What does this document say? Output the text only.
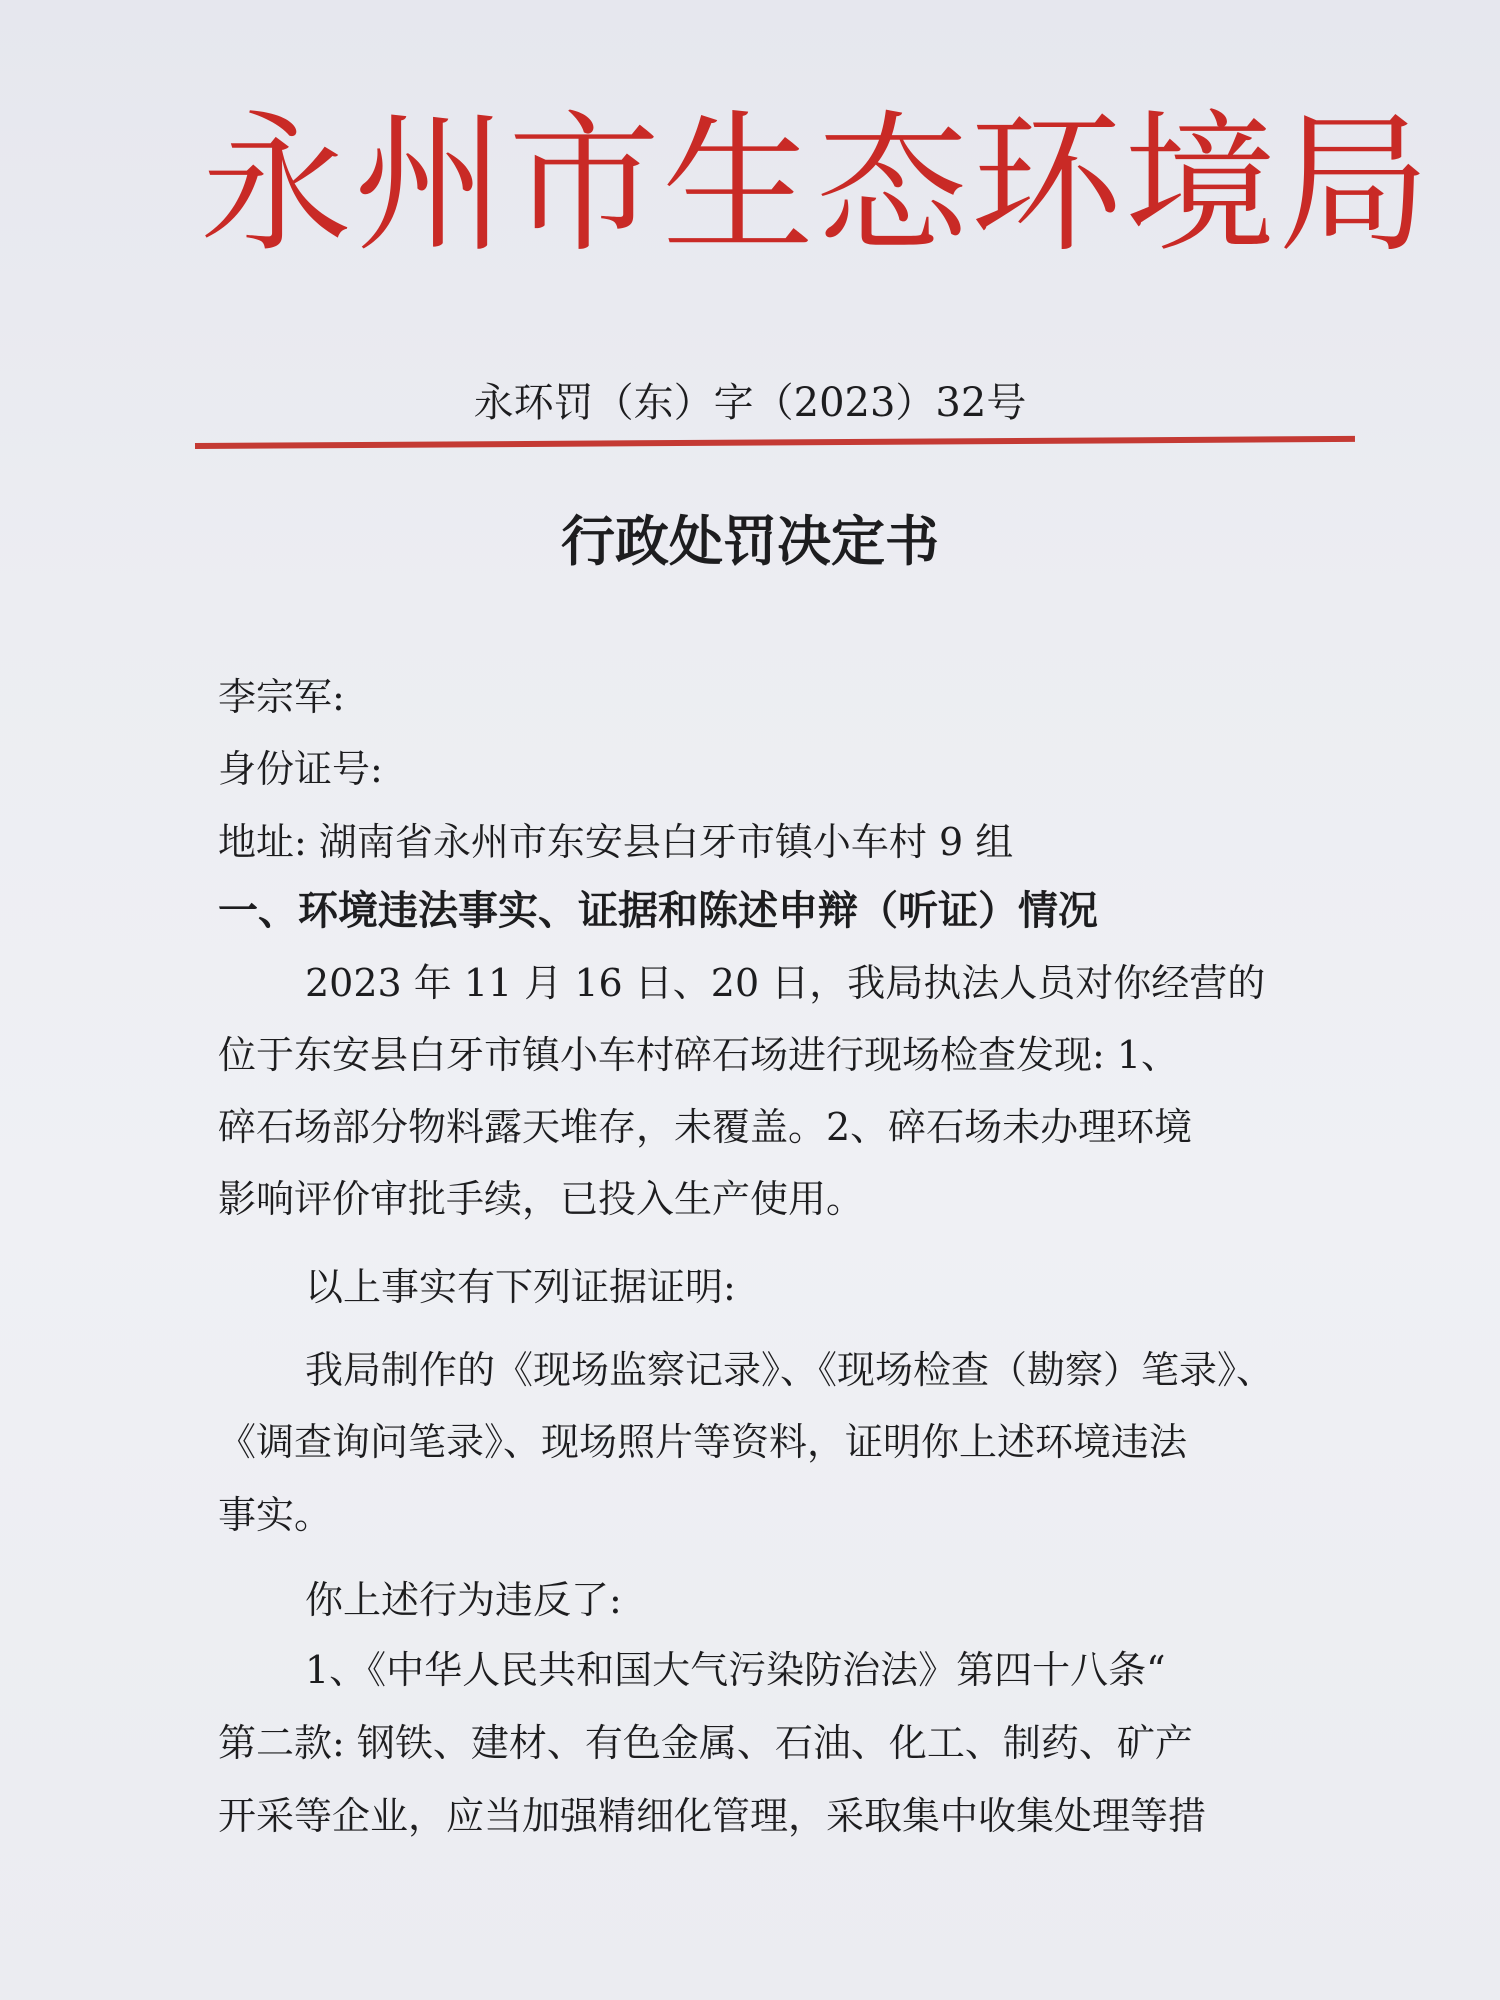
永州市生态环境局
永环罚（东）字（2023）32号
行政处罚决定书
李宗军:
身份证号:
地址: 湖南省永州市东安县白牙市镇小车村 9 组
一、环境违法事实、证据和陈述申辩（听证）情况
2023 年 11 月 16 日、20 日，我局执法人员对你经营的
位于东安县白牙市镇小车村碎石场进行现场检查发现: 1、
碎石场部分物料露天堆存，未覆盖。2、碎石场未办理环境
影响评价审批手续，已投入生产使用。
以上事实有下列证据证明:
我局制作的《现场监察记录》、《现场检查（勘察）笔录》、
《调查询问笔录》、现场照片等资料，证明你上述环境违法
事实。
你上述行为违反了:
1、《中华人民共和国大气污染防治法》第四十八条“
第二款: 钢铁、建材、有色金属、石油、化工、制药、矿产
开采等企业，应当加强精细化管理，采取集中收集处理等措
